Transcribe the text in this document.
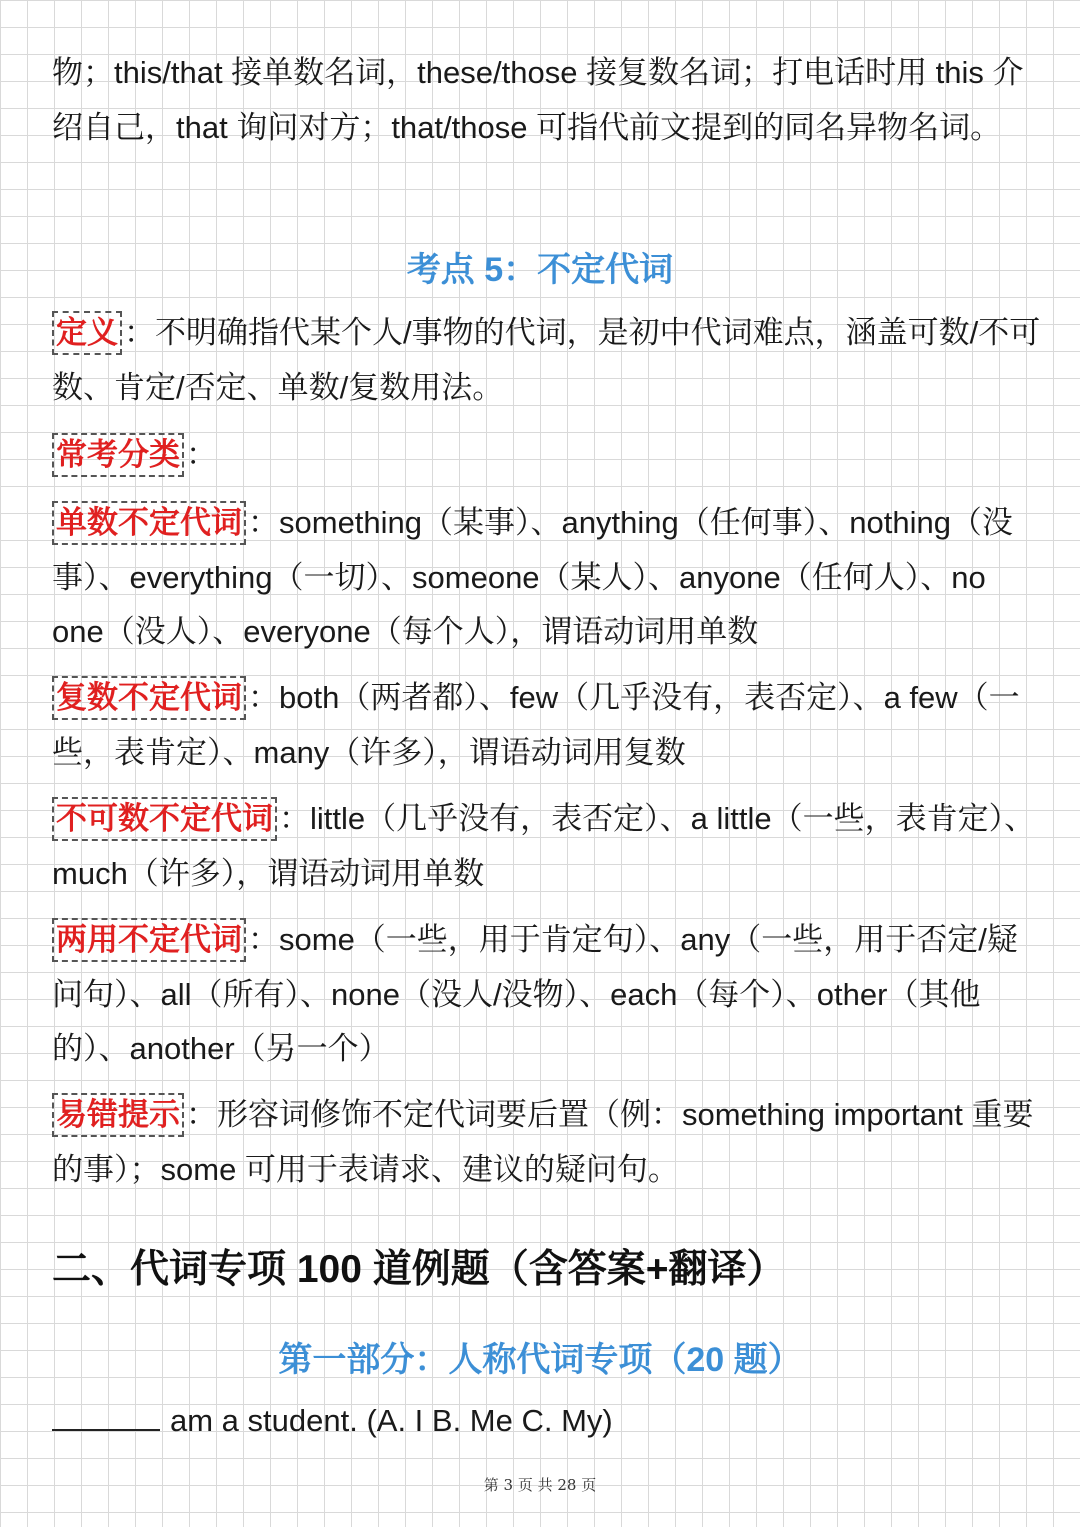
物；this/that 接单数名词，these/those 接复数名词；打电话时用 this 介绍自己，that 询问对方；that/those 可指代前文提到的同名异物名词。
考点 5：不定代词
定义 ：不明确指代某个人/事物的代词，是初中代词难点，涵盖可数/不可数、肯定/否定、单数/复数用法。
常考分类 ：
单数不定代词 ：something（某事）、anything（任何事）、nothing（没事）、everything（一切）、someone（某人）、anyone（任何人）、no one（没人）、everyone（每个人），谓语动词用单数
复数不定代词 ：both（两者都）、few（几乎没有，表否定）、a few（一些，表肯定）、many（许多），谓语动词用复数
不可数不定代词 ：little（几乎没有，表否定）、a little（一些，表肯定）、much（许多），谓语动词用单数
两用不定代词 ：some（一些，用于肯定句）、any（一些，用于否定/疑问句）、all（所有）、none（没人/没物）、each（每个）、other（其他的）、another（另一个）
易错提示 ：形容词修饰不定代词要后置（例：something important 重要的事）；some 可用于表请求、建议的疑问句。
二、代词专项 100 道例题（含答案+翻译）
第一部分：人称代词专项（20 题）
am a student. (A. I B. Me C. My)
第 3 页 共 28 页
